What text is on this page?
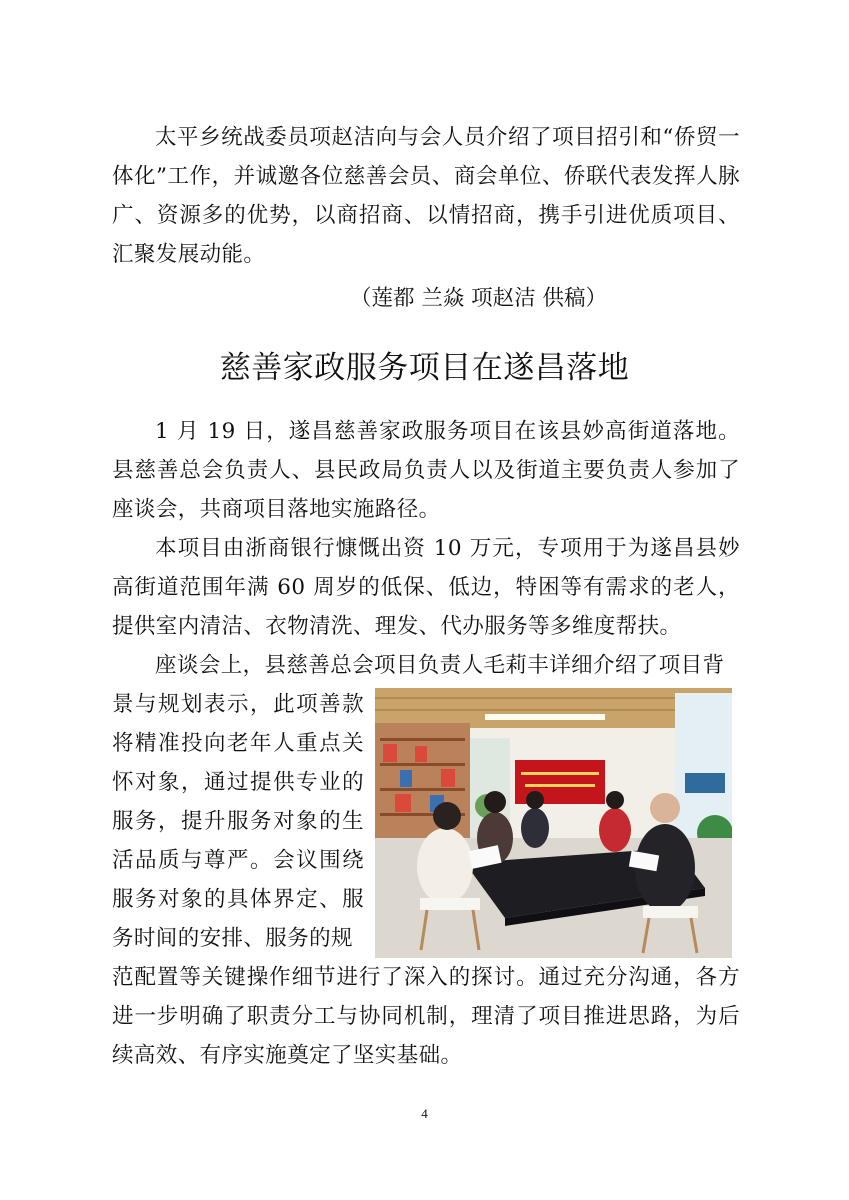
太平乡统战委员项赵洁向与会人员介绍了项目招引和“侨贸一体化”工作，并诚邀各位慈善会员、商会单位、侨联代表发挥人脉广、资源多的优势，以商招商、以情招商，携手引进优质项目、汇聚发展动能。

（莲都 兰焱 项赵洁 供稿）

慈善家政服务项目在遂昌落地

1 月 19 日，遂昌慈善家政服务项目在该县妙高街道落地。县慈善总会负责人、县民政局负责人以及街道主要负责人参加了座谈会，共商项目落地实施路径。

本项目由浙商银行慷慨出资 10 万元，专项用于为遂昌县妙高街道范围年满 60 周岁的低保、低边，特困等有需求的老人，提供室内清洁、衣物清洗、理发、代办服务等多维度帮扶。

座谈会上，县慈善总会项目负责人毛莉丰详细介绍了项目背

景与规划表示，此项善款将精准投向老年人重点关怀对象，通过提供专业的服务，提升服务对象的生活品质与尊严。会议围绕服务对象的具体界定、服务时间的安排、服务的规

范配置等关键操作细节进行了深入的探讨。通过充分沟通，各方进一步明确了职责分工与协同机制，理清了项目推进思路，为后续高效、有序实施奠定了坚实基础。

4
